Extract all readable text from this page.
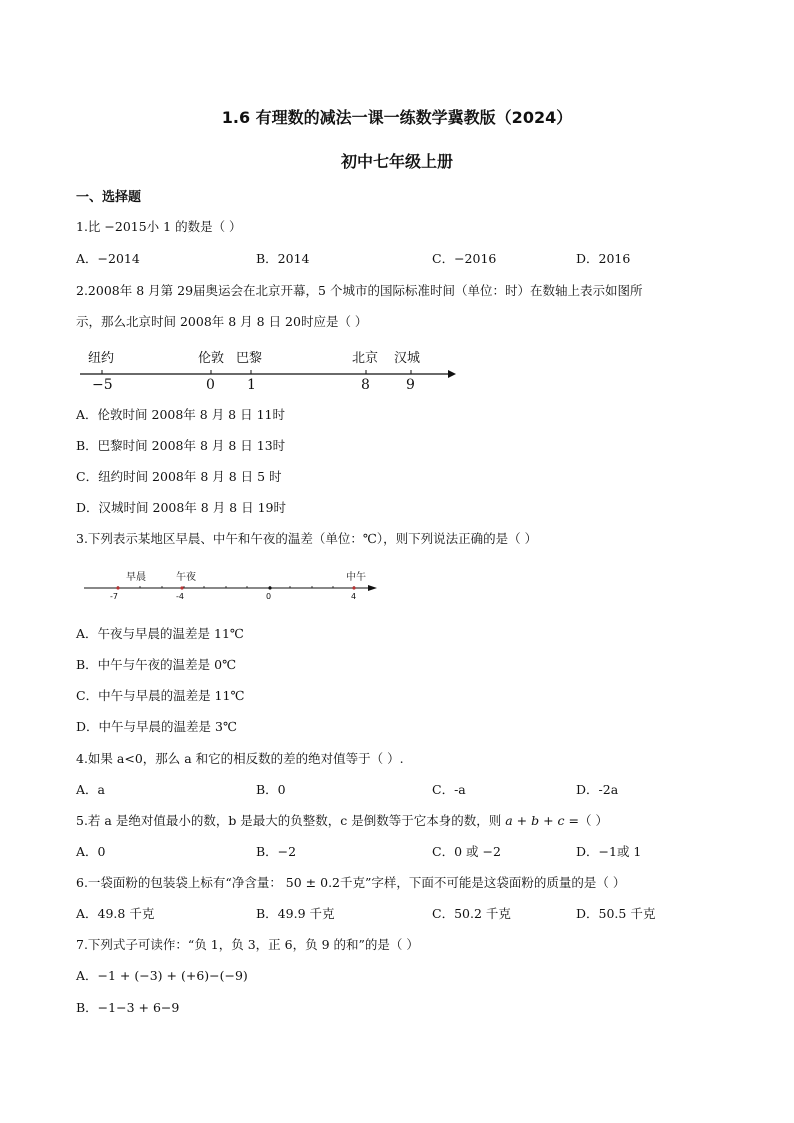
1.6 有理数的减法一课一练数学冀教版（2024）
初中七年级上册
一、选择题
1.比 −2015小 1 的数是（ ）
A．−2014	B．2014	C．−2016	D．2016
2.2008年 8 月第 29届奥运会在北京开幕，5 个城市的国际标准时间（单位：时）在数轴上表示如图所
示，那么北京时间 2008年 8 月 8 日 20时应是（ ）
纽约	伦敦 巴黎	北京 汉城
−5	0 1	8	9
A．伦敦时间 2008年 8 月 8 日 11时
B．巴黎时间 2008年 8 月 8 日 13时
C．纽约时间 2008年 8 月 8 日 5 时
D．汉城时间 2008年 8 月 8 日 19时
3.下列表示某地区早晨、中午和午夜的温差（单位：℃），则下列说法正确的是（ ）
早晨	午夜	中午
-7	-4	0	4
A．午夜与早晨的温差是 11℃
B．中午与午夜的温差是 0℃
C．中午与早晨的温差是 11℃
D．中午与早晨的温差是 3℃
4.如果 a<0，那么 a 和它的相反数的差的绝对值等于（ ）.
A．a	B．0	C．-a	D．-2a
5.若 a 是绝对值最小的数，b 是最大的负整数，c 是倒数等于它本身的数，则 𝑎 + 𝑏 + 𝑐 =（ ）
A．0	B．−2	C．0 或 −2	D．−1或 1
6.一袋面粉的包装袋上标有“净含量： 50 ± 0.2千克”字样，下面不可能是这袋面粉的质量的是（ ）
A．49.8 千克	B．49.9 千克	C．50.2 千克	D．50.5 千克
7.下列式子可读作：“负 1，负 3，正 6，负 9 的和”的是（ ）
A．−1 + (−3) + (+6)−(−9)
B．−1−3 + 6−9
